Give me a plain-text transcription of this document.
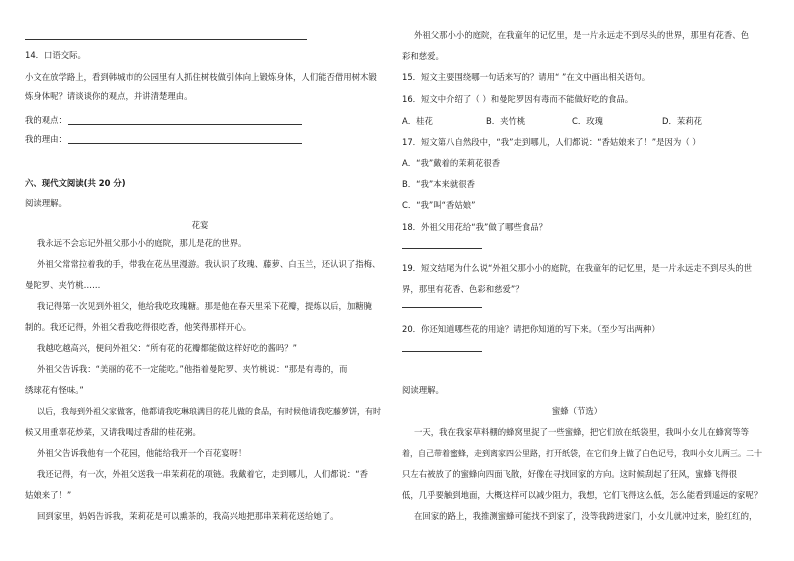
14．口语交际。
小文在放学路上，看到韩城市的公园里有人抓住树枝做引体向上锻炼身体，人们能否借用树木锻
炼身体呢？请谈谈你的观点，并讲清楚理由。
我的观点：
我的理由：
六、现代文阅读(共 20 分)
阅读理解。
花宴
我永远不会忘记外祖父那小小的庭院，那儿是花的世界。
外祖父常常拉着我的手，带我在花丛里漫游。我认识了玫瑰、藤萝、白玉兰，还认识了指梅、
曼陀罗、夹竹桃……
我记得第一次见到外祖父，他给我吃玫瑰糖。那是他在春天里采下花瓣，提炼以后，加糖腌
制的。我还记得，外祖父看我吃得很吃香，他笑得那样开心。
我越吃越高兴，便问外祖父：“所有花的花瓣都能做这样好吃的酱吗？”
外祖父告诉我：“美丽的花不一定能吃。”他指着曼陀罗、夹竹桃说：“那是有毒的，而
绣球花有怪味。”
以后，我每到外祖父家做客，他都请我吃琳琅满目的花儿做的食品，有时候他请我吃藤萝饼，有时
候又用重辜花炒菜，又请我喝过香甜的桂花粥。
外祖父告诉我他有一个花园，他能给我开一个百花宴呀！
我还记得，有一次，外祖父送我一串茉莉花的项链。我戴着它，走到哪儿，人们都说：“香
姑娘来了！”
回到家里，妈妈告诉我，茉莉花是可以熏茶的，我高兴地把那串茉莉花送给她了。
外祖父那小小的庭院，在我童年的记忆里，是一片永远走不到尽头的世界，那里有花香、色
彩和慈爱。
15．短文主要围绕哪一句话来写的？请用“ ”在文中画出相关语句。
16．短文中介绍了（ ）和曼陀罗因有毒而不能做好吃的食品。
A．桂花	B．夹竹桃	C．玫瑰	D．茉莉花
17．短文第八自然段中，“我”走到哪儿，人们都说：“香姑娘来了！”是因为（ ）
A．“我”戴着的茉莉花很香
B．“我”本来就很香
C．“我”叫“香姑娘”
18．外祖父用花给“我”做了哪些食品？
19．短文结尾为什么说“外祖父那小小的庭院，在我童年的记忆里，是一片永远走不到尽头的世
界，那里有花香、色彩和慈爱”？
20．你还知道哪些花的用途？请把你知道的写下来。（至少写出两种）
阅读理解。
蜜蜂（节选）
一天，我在我家草料棚的蜂窝里捉了一些蜜蜂，把它们放在纸袋里，我叫小女儿在蜂窝等等
着，自己带着蜜蜂，走到离家四公里路，打开纸袋，在它们身上做了白色记号，我叫小女儿两三。二十
只左右被放了的蜜蜂向四面飞散，好像在寻找回家的方向。这时候刮起了狂风，蜜蜂飞得很
低，几乎要触到地面，大概这样可以减少阻力，我想，它们飞得这么低，怎么能看到遥远的家呢？
在回家的路上，我推测蜜蜂可能找不到家了，没等我跨进家门，小女儿就冲过来，脸红红的，
